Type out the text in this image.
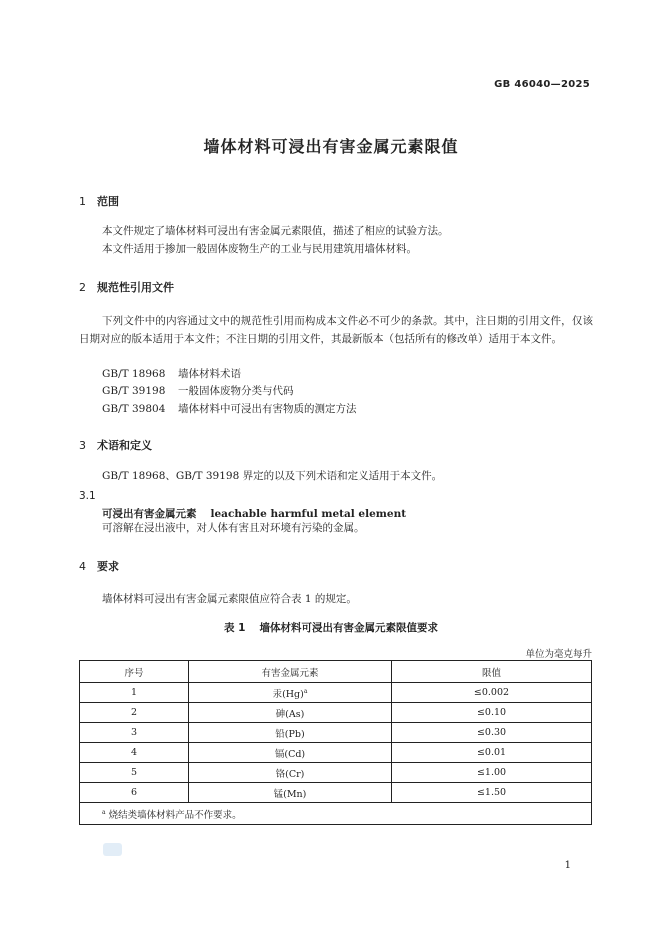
GB 46040—2025
墙体材料可浸出有害金属元素限值
1 范围
本文件规定了墙体材料可浸出有害金属元素限值，描述了相应的试验方法。
本文件适用于掺加一般固体废物生产的工业与民用建筑用墙体材料。
2 规范性引用文件
下列文件中的内容通过文中的规范性引用而构成本文件必不可少的条款。其中，注日期的引用文件，仅该日期对应的版本适用于本文件；不注日期的引用文件，其最新版本（包括所有的修改单）适用于本文件。
GB/T 18968 墙体材料术语
GB/T 39198 一般固体废物分类与代码
GB/T 39804 墙体材料中可浸出有害物质的测定方法
3 术语和定义
GB/T 18968、GB/T 39198 界定的以及下列术语和定义适用于本文件。
3.1
可浸出有害金属元素 leachable harmful metal element
可溶解在浸出液中，对人体有害且对环境有污染的金属。
4 要求
墙体材料可浸出有害金属元素限值应符合表 1 的规定。
表 1 墙体材料可浸出有害金属元素限值要求
单位为毫克每升
序号	有害金属元素	限值
1	汞$(Hg)^a$	≤0.002
2	砷(As)	≤0.10
3	铅(Pb)	≤0.30
4	镉(Cd)	≤0.01
5	铬(Cr)	≤1.00
6	锰(Mn)	≤1.50
$^a$ 烧结类墙体材料产品不作要求。		
1
